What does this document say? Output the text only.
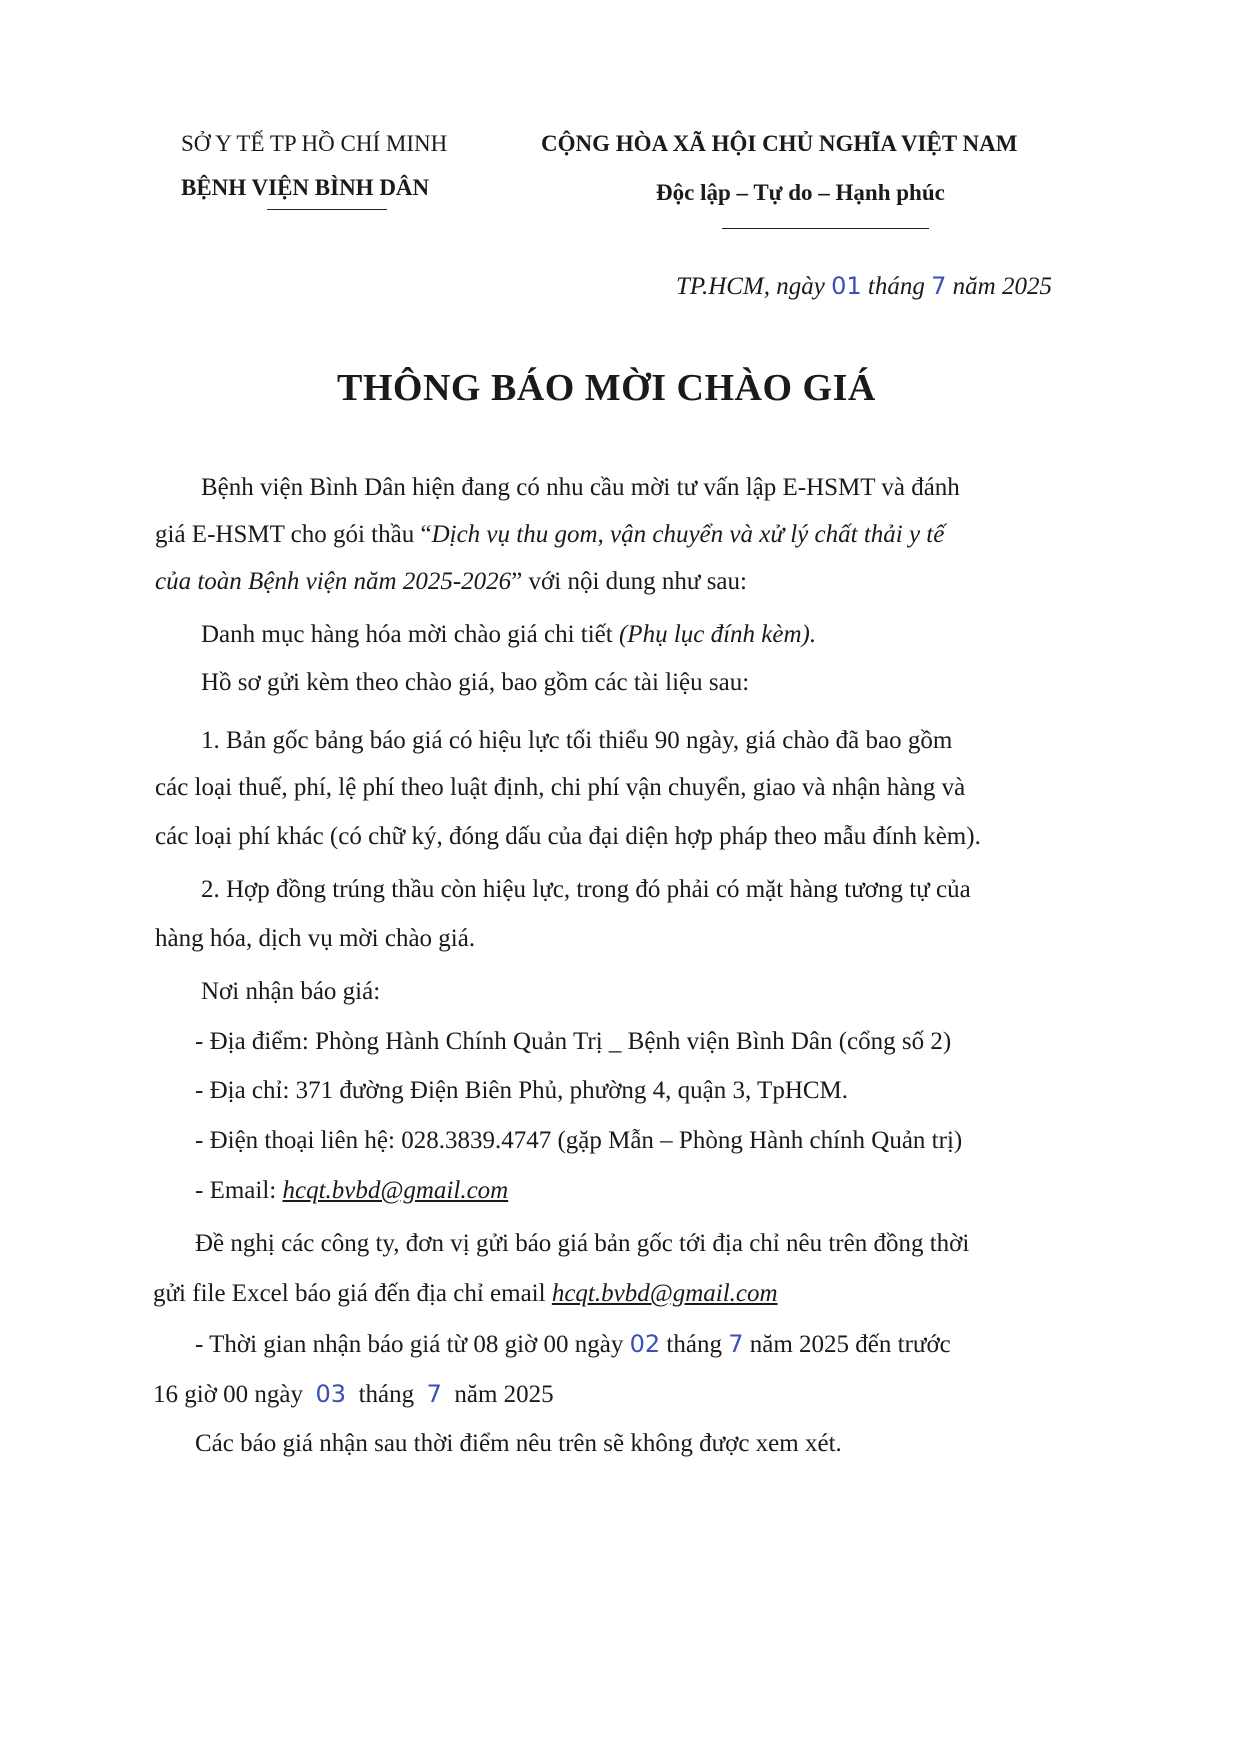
SỞ Y TẾ TP HỒ CHÍ MINH
BỆNH VIỆN BÌNH DÂN
CỘNG HÒA XÃ HỘI CHỦ NGHĨA VIỆT NAM
Độc lập – Tự do – Hạnh phúc
TP.HCM, ngày 01 tháng 7 năm 2025
THÔNG BÁO MỜI CHÀO GIÁ
Bệnh viện Bình Dân hiện đang có nhu cầu mời tư vấn lập E-HSMT và đánh
giá E-HSMT cho gói thầu “Dịch vụ thu gom, vận chuyển và xử lý chất thải y tế
của toàn Bệnh viện năm 2025-2026” với nội dung như sau:
Danh mục hàng hóa mời chào giá chi tiết (Phụ lục đính kèm).
Hồ sơ gửi kèm theo chào giá, bao gồm các tài liệu sau:
1. Bản gốc bảng báo giá có hiệu lực tối thiểu 90 ngày, giá chào đã bao gồm
các loại thuế, phí, lệ phí theo luật định, chi phí vận chuyển, giao và nhận hàng và
các loại phí khác (có chữ ký, đóng dấu của đại diện hợp pháp theo mẫu đính kèm).
2. Hợp đồng trúng thầu còn hiệu lực, trong đó phải có mặt hàng tương tự của
hàng hóa, dịch vụ mời chào giá.
Nơi nhận báo giá:
- Địa điểm: Phòng Hành Chính Quản Trị _ Bệnh viện Bình Dân (cổng số 2)
- Địa chỉ: 371 đường Điện Biên Phủ, phường 4, quận 3, TpHCM.
- Điện thoại liên hệ: 028.3839.4747 (gặp Mẫn – Phòng Hành chính Quản trị)
- Email: hcqt.bvbd@gmail.com
Đề nghị các công ty, đơn vị gửi báo giá bản gốc tới địa chỉ nêu trên đồng thời
gửi file Excel báo giá đến địa chỉ email hcqt.bvbd@gmail.com
- Thời gian nhận báo giá từ 08 giờ 00 ngày 02 tháng 7 năm 2025 đến trước
16 giờ 00 ngày 03 tháng 7 năm 2025
Các báo giá nhận sau thời điểm nêu trên sẽ không được xem xét.
